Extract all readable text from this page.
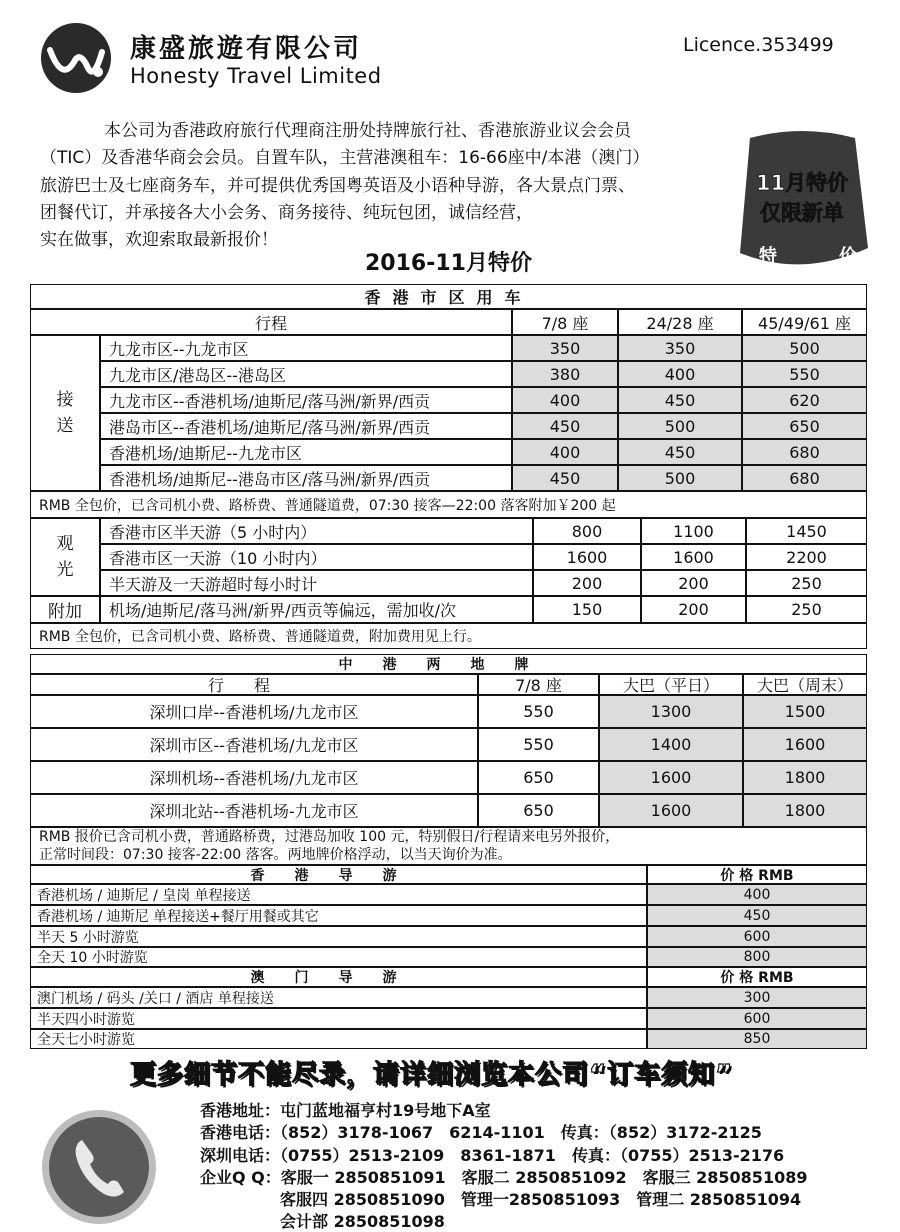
康盛旅遊有限公司
Honesty Travel Limited
Licence.353499
本公司为香港政府旅行代理商注册处持牌旅行社、香港旅游业议会会员
（TIC）及香港华商会会员。自置车队，主营港澳租车：16-66座中/本港（澳门）
旅游巴士及七座商务车，并可提供优秀国粤英语及小语种导游，各大景点门票、
团餐代订，并承接各大小会务、商务接待、纯玩包团，诚信经营，
实在做事，欢迎索取最新报价！
11月特价
仅限新单
特	价
2016-11月特价
香港市区用车
行程	7/8 座	24/28 座	45/49/61 座
接
送
九龙市区--九龙市区	350	350	500
九龙市区/港岛区--港岛区	380	400	550
九龙市区--香港机场/迪斯尼/落马洲/新界/西贡	400	450	620
港岛市区--香港机场/迪斯尼/落马洲/新界/西贡	450	500	650
香港机场/迪斯尼--九龙市区	400	450	680
香港机场/迪斯尼--港岛市区/落马洲/新界/西贡	450	500	680
RMB 全包价，已含司机小费、路桥费、普通隧道费，07:30 接客—22:00 落客附加￥200 起
观
光
香港市区半天游（5 小时内）	800	1100	1450
香港市区一天游（10 小时内）	1600	1600	2200
半天游及一天游超时每小时计	200	200	250
附加	机场/迪斯尼/落马洲/新界/西贡等偏远，需加收/次	150	200	250
RMB 全包价，已含司机小费、路桥费、普通隧道费，附加费用见上行。
中港两地牌
行程	7/8 座	大巴（平日）	大巴（周末）
深圳口岸--香港机场/九龙市区	550	1300	1500
深圳市区--香港机场/九龙市区	550	1400	1600
深圳机场--香港机场/九龙市区	650	1600	1800
深圳北站--香港机场-九龙市区	650	1600	1800
RMB 报价已含司机小费，普通路桥费，过港岛加收 100 元，特别假日/行程请来电另外报价，
正常时间段：07:30 接客-22:00 落客。两地牌价格浮动，以当天询价为准。
香港导游	价 格 RMB
香港机场 / 迪斯尼 / 皇岗 单程接送	400
香港机场 / 迪斯尼 单程接送+餐厅用餐或其它	450
半天 5 小时游览	600
全天 10 小时游览	800
澳门导游	价 格 RMB
澳门机场 / 码头 /关口 / 酒店 单程接送	300
半天四小时游览	600
全天七小时游览	850
更多细节不能尽录，请详细浏览本公司“订车须知”
香港地址：屯门蓝地福亨村19号地下A室
香港电话：（852）3178-1067　6214-1101　传真：（852）3172-2125
深圳电话：（0755）2513-2109　8361-1871　传真：（0755）2513-2176
企业Q Q：客服一 2850851091　客服二 2850851092　客服三 2850851089
　　　　　客服四 2850851090　管理一2850851093　管理二 2850851094
　　　　　会计部 2850851098
